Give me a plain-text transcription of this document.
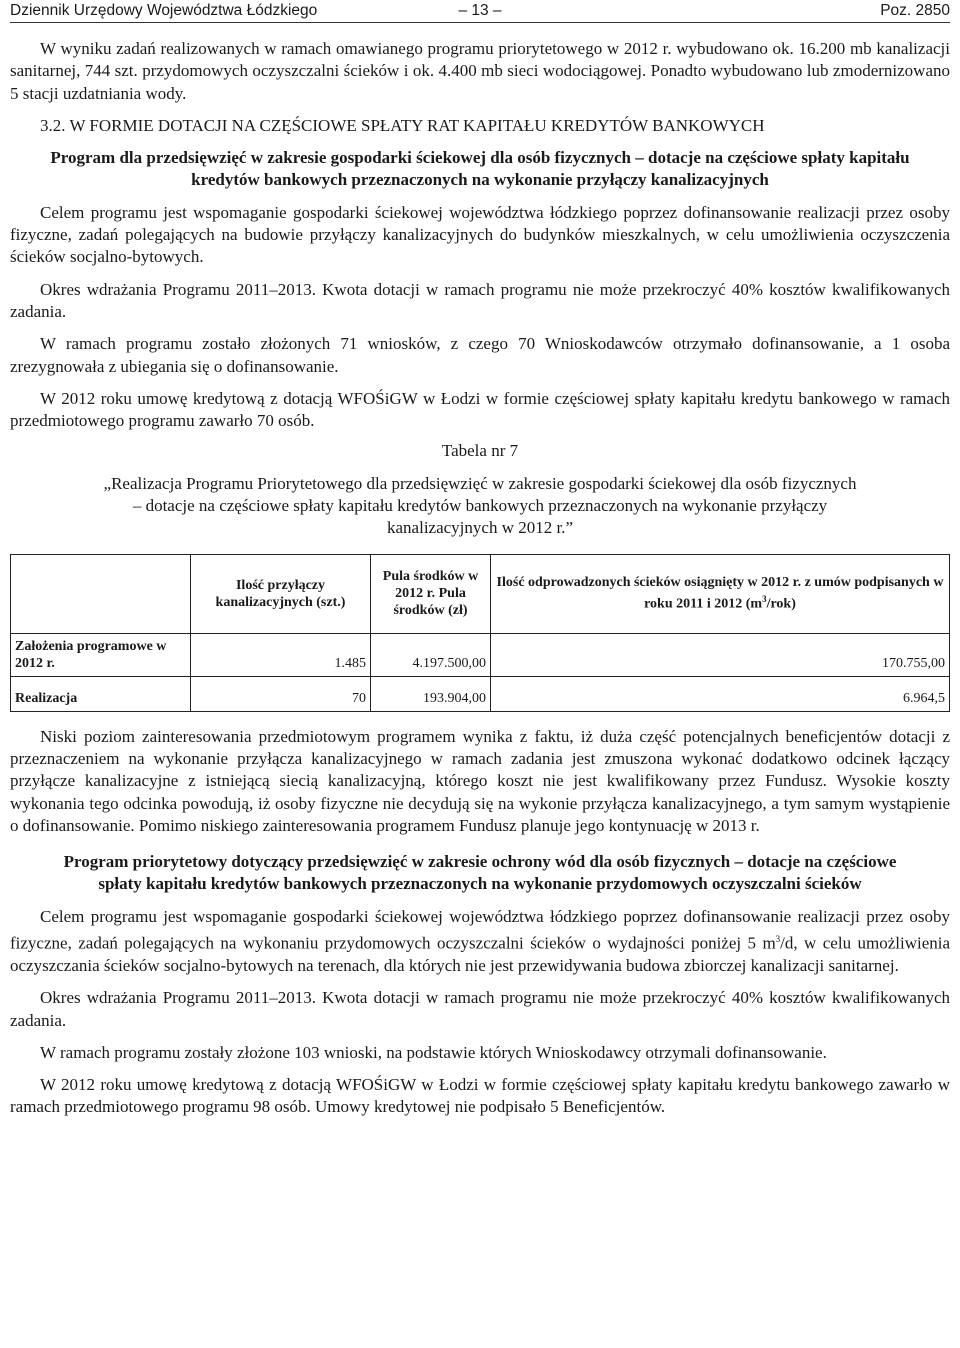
Dziennik Urzędowy Województwa Łódzkiego	– 13 –	Poz. 2850

W wyniku zadań realizowanych w ramach omawianego programu priorytetowego w 2012 r. wybudowano ok. 16.200 mb kanalizacji sanitarnej, 744 szt. przydomowych oczyszczalni ścieków i ok. 4.400 mb sieci wodociągowej. Ponadto wybudowano lub zmodernizowano 5 stacji uzdatniania wody.

3.2. W FORMIE DOTACJI NA CZĘŚCIOWE SPŁATY RAT KAPITAŁU KREDYTÓW BANKOWYCH

Program dla przedsięwzięć w zakresie gospodarki ściekowej dla osób fizycznych – dotacje na częściowe spłaty kapitału kredytów bankowych przeznaczonych na wykonanie przyłączy kanalizacyjnych

Celem programu jest wspomaganie gospodarki ściekowej województwa łódzkiego poprzez dofinansowanie realizacji przez osoby fizyczne, zadań polegających na budowie przyłączy kanalizacyjnych do budynków mieszkalnych, w celu umożliwienia oczyszczenia ścieków socjalno-bytowych.

Okres wdrażania Programu 2011–2013. Kwota dotacji w ramach programu nie może przekroczyć 40% kosztów kwalifikowanych zadania.

W ramach programu zostało złożonych 71 wniosków, z czego 70 Wnioskodawców otrzymało dofinansowanie, a 1 osoba zrezygnowała z ubiegania się o dofinansowanie.

W 2012 roku umowę kredytową z dotacją WFOŚiGW w Łodzi w formie częściowej spłaty kapitału kredytu bankowego w ramach przedmiotowego programu zawarło 70 osób.

Tabela nr 7

„Realizacja Programu Priorytetowego dla przedsięwzięć w zakresie gospodarki ściekowej dla osób fizycznych – dotacje na częściowe spłaty kapitału kredytów bankowych przeznaczonych na wykonanie przyłączy kanalizacyjnych w 2012 r.”

	Ilość przyłączy kanalizacyjnych (szt.)	Pula środków w 2012 r. Pula środków (zł)	Ilość odprowadzonych ścieków osiągnięty w 2012 r. z umów podpisanych w roku 2011 i 2012 $(m^3/rok)$
Założenia programowe w 2012 r.	1.485	4.197.500,00	170.755,00
Realizacja	70	193.904,00	6.964,5

Niski poziom zainteresowania przedmiotowym programem wynika z faktu, iż duża część potencjalnych beneficjentów dotacji z przeznaczeniem na wykonanie przyłącza kanalizacyjnego w ramach zadania jest zmuszona wykonać dodatkowo odcinek łączący przyłącze kanalizacyjne z istniejącą siecią kanalizacyjną, którego koszt nie jest kwalifikowany przez Fundusz. Wysokie koszty wykonania tego odcinka powodują, iż osoby fizyczne nie decydują się na wykonie przyłącza kanalizacyjnego, a tym samym wystąpienie o dofinansowanie. Pomimo niskiego zainteresowania programem Fundusz planuje jego kontynuację w 2013 r.

Program priorytetowy dotyczący przedsięwzięć w zakresie ochrony wód dla osób fizycznych – dotacje na częściowe spłaty kapitału kredytów bankowych przeznaczonych na wykonanie przydomowych oczyszczalni ścieków

Celem programu jest wspomaganie gospodarki ściekowej województwa łódzkiego poprzez dofinansowanie realizacji przez osoby fizyczne, zadań polegających na wykonaniu przydomowych oczyszczalni ścieków o wydajności poniżej 5 $m^3/d$, w celu umożliwienia oczyszczania ścieków socjalno-bytowych na terenach, dla których nie jest przewidywania budowa zbiorczej kanalizacji sanitarnej.

Okres wdrażania Programu 2011–2013. Kwota dotacji w ramach programu nie może przekroczyć 40% kosztów kwalifikowanych zadania.

W ramach programu zostały złożone 103 wnioski, na podstawie których Wnioskodawcy otrzymali dofinansowanie.

W 2012 roku umowę kredytową z dotacją WFOŚiGW w Łodzi w formie częściowej spłaty kapitału kredytu bankowego zawarło w ramach przedmiotowego programu 98 osób. Umowy kredytowej nie podpisało 5 Beneficjentów.
